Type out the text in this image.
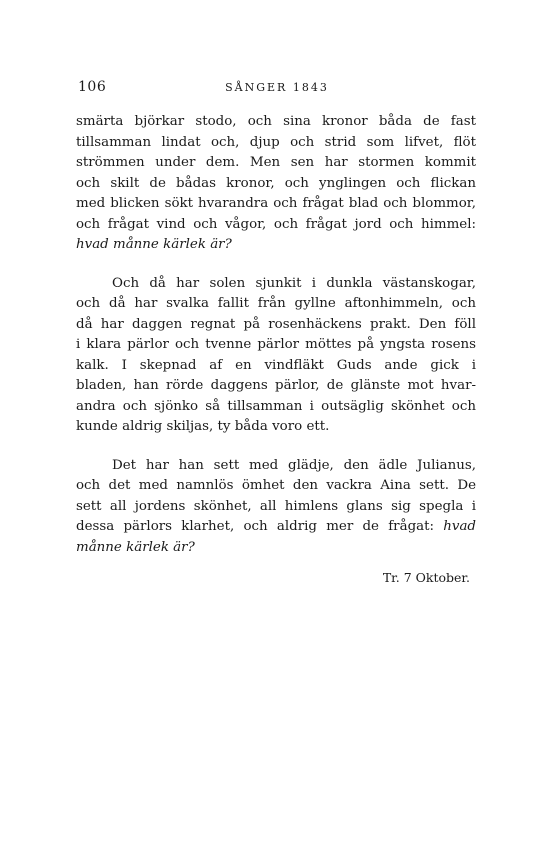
106	SÅNGER 1843
smärta björkar stodo, och sina kronor båda de fast
tillsamman lindat och, djup och strid som lifvet, flöt
strömmen under dem. Men sen har stormen kommit
och skilt de bådas kronor, och ynglingen och flickan
med blicken sökt hvarandra och frågat blad och blommor,
och frågat vind och vågor, och frågat jord och himmel:
hvad månne kärlek är?
Och då har solen sjunkit i dunkla västanskogar,
och då har svalka fallit från gyllne aftonhimmeln, och
då har daggen regnat på rosenhäckens prakt. Den föll
i klara pärlor och tvenne pärlor möttes på yngsta rosens
kalk. I skepnad af en vindfläkt Guds ande gick i
bladen, han rörde daggens pärlor, de glänste mot hvar-
andra och sjönko så tillsamman i outsäglig skönhet och
kunde aldrig skiljas, ty båda voro ett.
Det har han sett med glädje, den ädle Julianus,
och det med namnlös ömhet den vackra Aina sett. De
sett all jordens skönhet, all himlens glans sig spegla i
dessa pärlors klarhet, och aldrig mer de frågat: hvad
månne kärlek är?
Tr. 7 Oktober.
